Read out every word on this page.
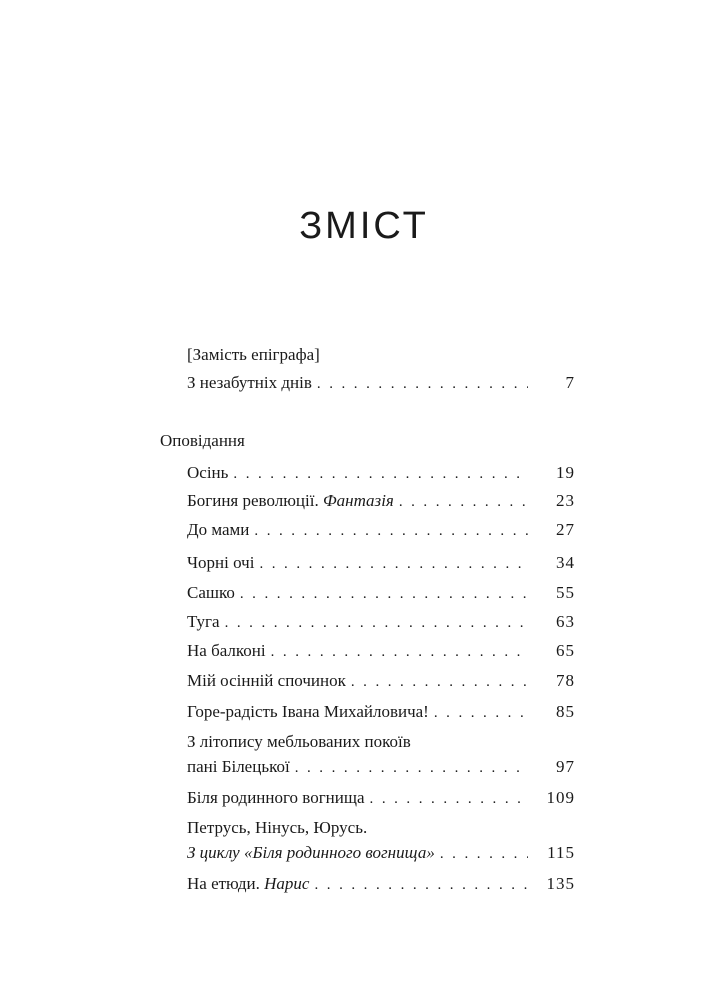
ЗМІСТ
[Замість епіграфа]
З незабутніх днів . . .	7
Оповідання
Осінь . . .	19
Богиня революції. Фантазія . . .	23
До мами . . .	27
Чорні очі . . .	34
Сашко . . .	55
Туга . . .	63
На балконі . . .	65
Мій осінній спочинок . . .	78
Горе-радість Івана Михайловича! . . .	85
З літопису мебльованих покоїв
пані Білецької . . .	97
Біля родинного вогнища . . .	109
Петрусь, Нінусь, Юрусь.
З циклу «Біля родинного вогнища» . . .	115
На етюди. Нарис . . .	135
